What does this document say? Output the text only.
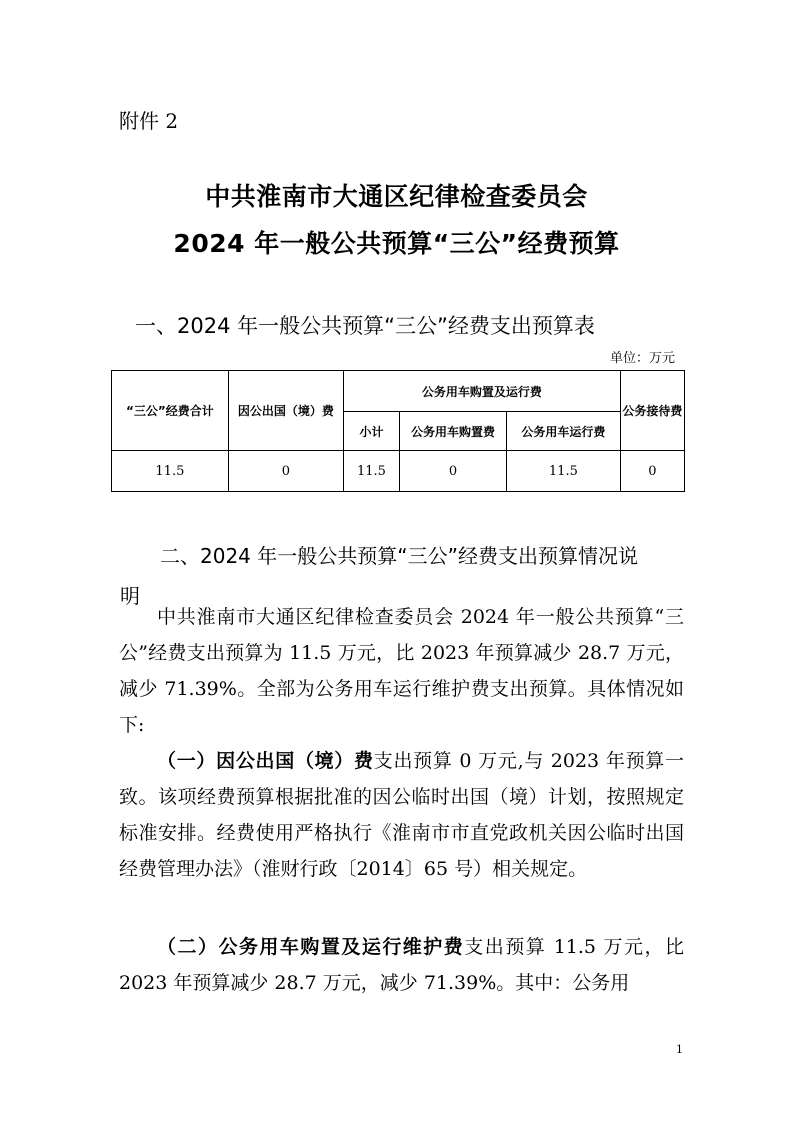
附件 2
中共淮南市大通区纪律检查委员会
2024 年一般公共预算“三公”经费预算
一、2024 年一般公共预算“三公”经费支出预算表
单位：万元
“三公”经费合计	因公出国（境）费	公务用车购置及运行费			公务接待费
		小计	公务用车购置费	公务用车运行费	
11.5	0	11.5	0	11.5	0
二、2024 年一般公共预算“三公”经费支出预算情况说
明
中共淮南市大通区纪律检查委员会 2024 年一般公共预算“三公”经费支出预算为 11.5 万元，比 2023 年预算减少 28.7 万元，减少 71.39%。全部为公务用车运行维护费支出预算。具体情况如下:
（一）因公出国（境）费支出预算 0 万元,与 2023 年预算一致。该项经费预算根据批准的因公临时出国（境）计划，按照规定标准安排。经费使用严格执行《淮南市市直党政机关因公临时出国经费管理办法》（淮财行政〔2014〕65 号）相关规定。
（二）公务用车购置及运行维护费支出预算 11.5 万元，比 2023 年预算减少 28.7 万元，减少 71.39%。其中：公务用
1
